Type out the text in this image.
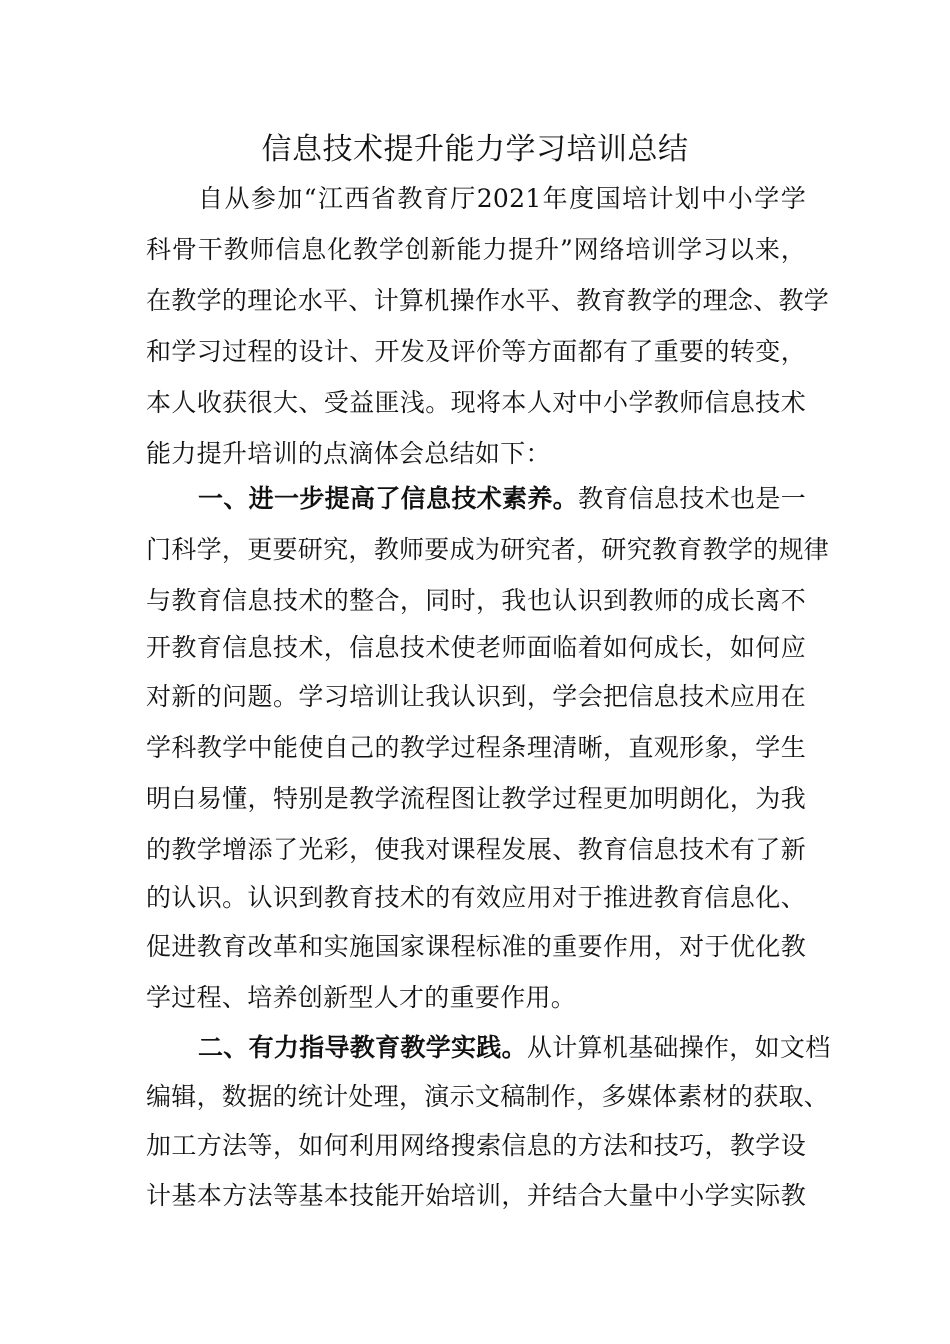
信息技术提升能力学习培训总结
自从参加“江西省教育厅2021年度国培计划中小学学
科骨干教师信息化教学创新能力提升”网络培训学习以来，
在教学的理论水平、计算机操作水平、教育教学的理念、教学
和学习过程的设计、开发及评价等方面都有了重要的转变，
本人收获很大、受益匪浅。现将本人对中小学教师信息技术
能力提升培训的点滴体会总结如下：
一、进一步提高了信息技术素养。教育信息技术也是一
门科学，更要研究，教师要成为研究者，研究教育教学的规律
与教育信息技术的整合，同时，我也认识到教师的成长离不
开教育信息技术，信息技术使老师面临着如何成长，如何应
对新的问题。学习培训让我认识到，学会把信息技术应用在
学科教学中能使自己的教学过程条理清晰，直观形象，学生
明白易懂，特别是教学流程图让教学过程更加明朗化，为我
的教学增添了光彩，使我对课程发展、教育信息技术有了新
的认识。认识到教育技术的有效应用对于推进教育信息化、
促进教育改革和实施国家课程标准的重要作用，对于优化教
学过程、培养创新型人才的重要作用。
二、有力指导教育教学实践。从计算机基础操作，如文档
编辑，数据的统计处理，演示文稿制作，多媒体素材的获取、
加工方法等，如何利用网络搜索信息的方法和技巧，教学设
计基本方法等基本技能开始培训，并结合大量中小学实际教
